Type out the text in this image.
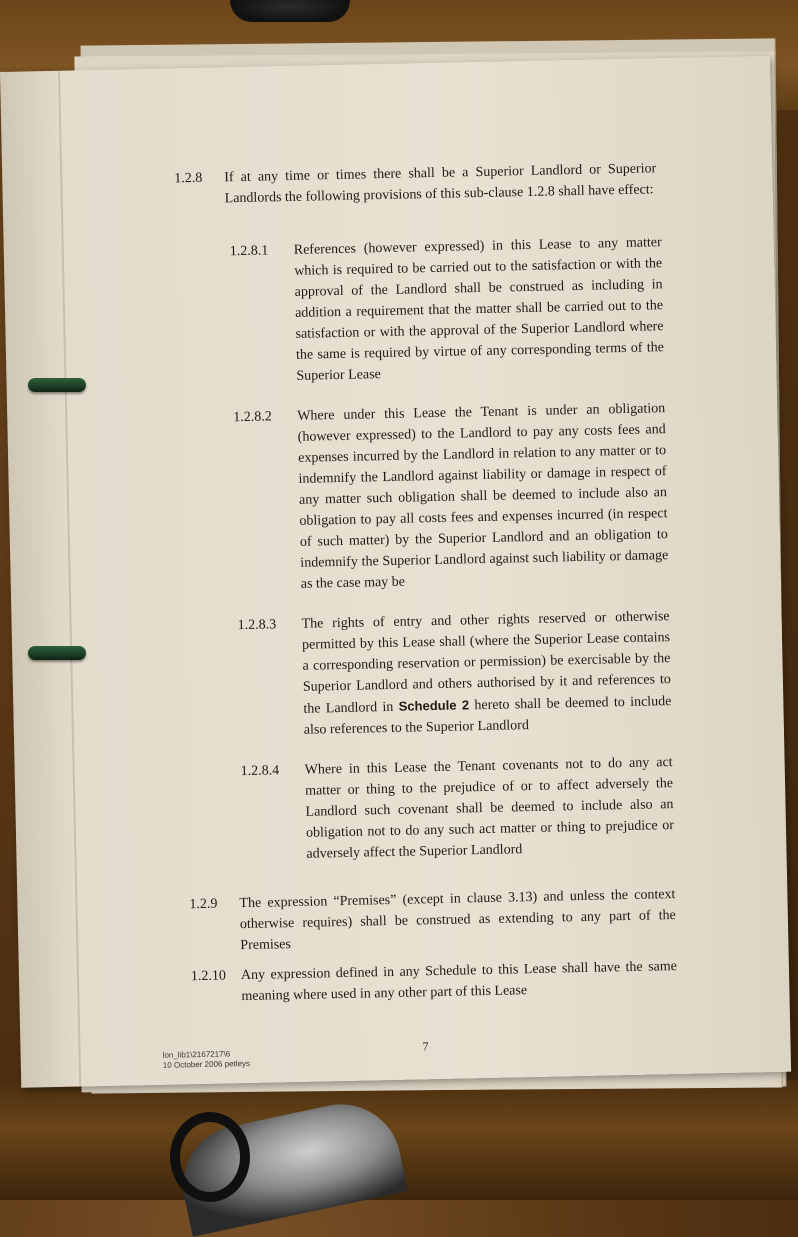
1.2.8 If at any time or times there shall be a Superior Landlord or Superior Landlords the following provisions of this sub-clause 1.2.8 shall have effect:
1.2.8.1 References (however expressed) in this Lease to any matter which is required to be carried out to the satisfaction or with the approval of the Landlord shall be construed as including in addition a requirement that the matter shall be carried out to the satisfaction or with the approval of the Superior Landlord where the same is required by virtue of any corresponding terms of the Superior Lease
1.2.8.2 Where under this Lease the Tenant is under an obligation (however expressed) to the Landlord to pay any costs fees and expenses incurred by the Landlord in relation to any matter or to indemnify the Landlord against liability or damage in respect of any matter such obligation shall be deemed to include also an obligation to pay all costs fees and expenses incurred (in respect of such matter) by the Superior Landlord and an obligation to indemnify the Superior Landlord against such liability or damage as the case may be
1.2.8.3 The rights of entry and other rights reserved or otherwise permitted by this Lease shall (where the Superior Lease contains a corresponding reservation or permission) be exercisable by the Superior Landlord and others authorised by it and references to the Landlord in Schedule 2 hereto shall be deemed to include also references to the Superior Landlord
1.2.8.4 Where in this Lease the Tenant covenants not to do any act matter or thing to the prejudice of or to affect adversely the Landlord such covenant shall be deemed to include also an obligation not to do any such act matter or thing to prejudice or adversely affect the Superior Landlord
1.2.9 The expression “Premises” (except in clause 3.13) and unless the context otherwise requires) shall be construed as extending to any part of the Premises
1.2.10 Any expression defined in any Schedule to this Lease shall have the same meaning where used in any other part of this Lease
lon_lib1\2167217\6
10 October 2006 petleys
7
